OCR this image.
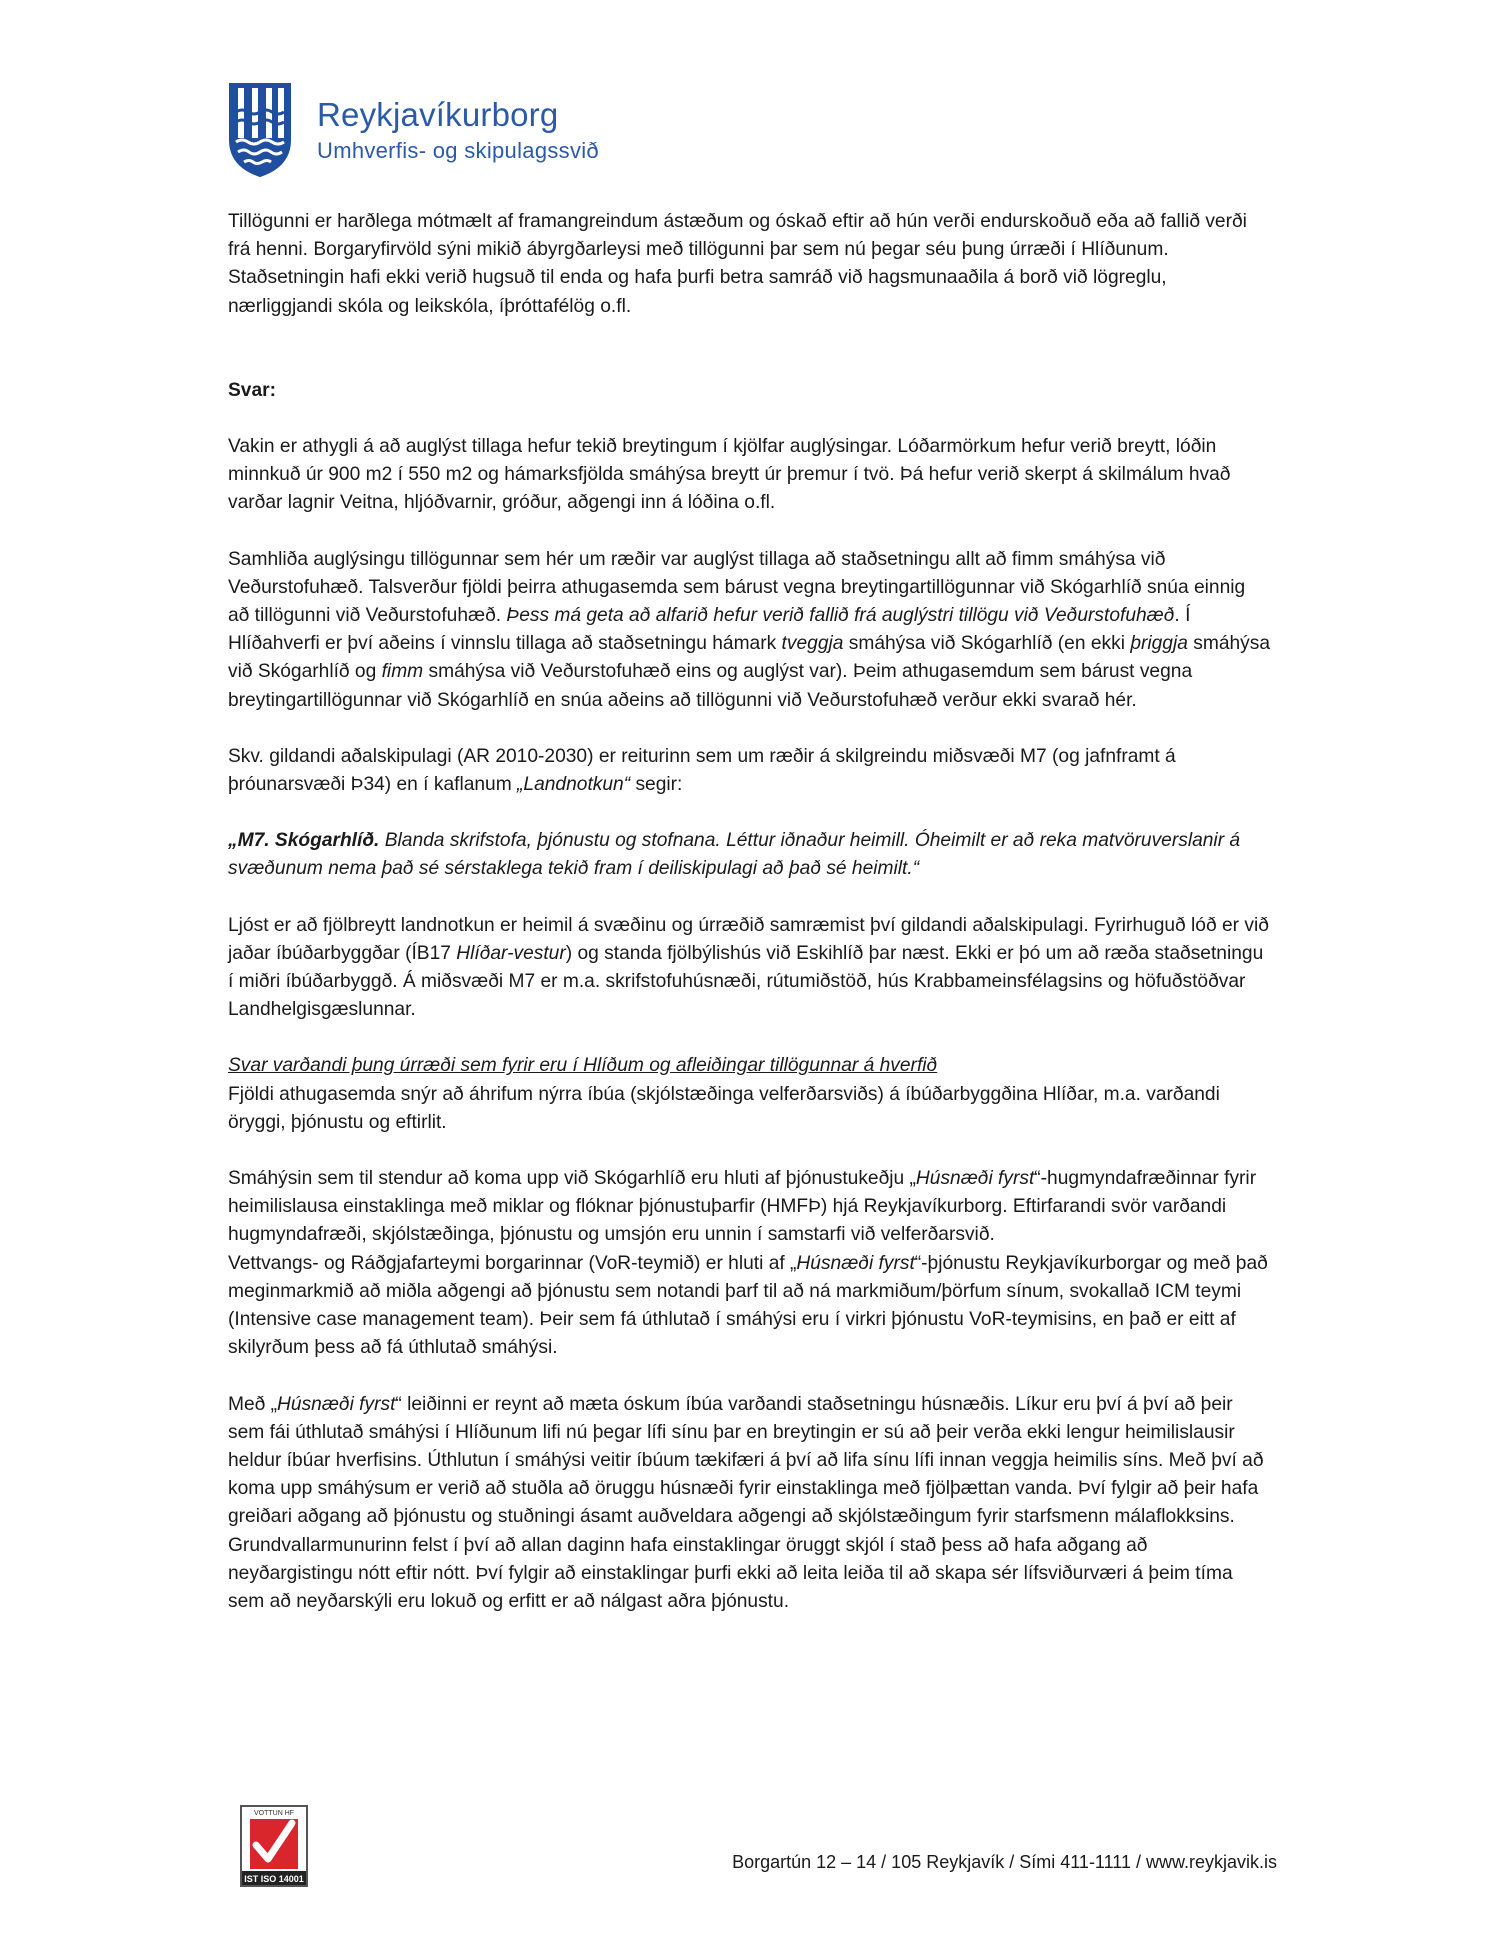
Reykjavíkurborg
Umhverfis- og skipulagssvið

Tillögunni er harðlega mótmælt af framangreindum ástæðum og óskað eftir að hún verði endurskoðuð eða að fallið verði frá henni. Borgaryfirvöld sýni mikið ábyrgðarleysi með tillögunni þar sem nú þegar séu þung úrræði í Hlíðunum. Staðsetningin hafi ekki verið hugsuð til enda og hafa þurfi betra samráð við hagsmunaaðila á borð við lögreglu, nærliggjandi skóla og leikskóla, íþróttafélög o.fl.

Svar:

Vakin er athygli á að auglýst tillaga hefur tekið breytingum í kjölfar auglýsingar. Lóðarmörkum hefur verið breytt, lóðin minnkuð úr 900 m2 í 550 m2 og hámarksfjölda smáhýsa breytt úr þremur í tvö. Þá hefur verið skerpt á skilmálum hvað varðar lagnir Veitna, hljóðvarnir, gróður, aðgengi inn á lóðina o.fl.

Samhliða auglýsingu tillögunnar sem hér um ræðir var auglýst tillaga að staðsetningu allt að fimm smáhýsa við Veðurstofuhæð. Talsverður fjöldi þeirra athugasemda sem bárust vegna breytingartillögunnar við Skógarhlíð snúa einnig að tillögunni við Veðurstofuhæð. Þess má geta að alfarið hefur verið fallið frá auglýstri tillögu við Veðurstofuhæð. Í Hlíðahverfi er því aðeins í vinnslu tillaga að staðsetningu hámark tveggja smáhýsa við Skógarhlíð (en ekki þriggja smáhýsa við Skógarhlíð og fimm smáhýsa við Veðurstofuhæð eins og auglýst var). Þeim athugasemdum sem bárust vegna breytingartillögunnar við Skógarhlíð en snúa aðeins að tillögunni við Veðurstofuhæð verður ekki svarað hér.

Skv. gildandi aðalskipulagi (AR 2010-2030) er reiturinn sem um ræðir á skilgreindu miðsvæði M7 (og jafnframt á þróunarsvæði Þ34) en í kaflanum „Landnotkun“ segir:

„M7. Skógarhlíð. Blanda skrifstofa, þjónustu og stofnana. Léttur iðnaður heimill. Óheimilt er að reka matvöruverslanir á svæðunum nema það sé sérstaklega tekið fram í deiliskipulagi að það sé heimilt.“

Ljóst er að fjölbreytt landnotkun er heimil á svæðinu og úrræðið samræmist því gildandi aðalskipulagi. Fyrirhuguð lóð er við jaðar íbúðarbyggðar (ÍB17 Hlíðar-vestur) og standa fjölbýlishús við Eskihlíð þar næst. Ekki er þó um að ræða staðsetningu í miðri íbúðarbyggð. Á miðsvæði M7 er m.a. skrifstofuhúsnæði, rútumiðstöð, hús Krabbameinsfélagsins og höfuðstöðvar Landhelgisgæslunnar.

Svar varðandi þung úrræði sem fyrir eru í Hlíðum og afleiðingar tillögunnar á hverfið
Fjöldi athugasemda snýr að áhrifum nýrra íbúa (skjólstæðinga velferðarsviðs) á íbúðarbyggðina Hlíðar, m.a. varðandi öryggi, þjónustu og eftirlit.

Smáhýsin sem til stendur að koma upp við Skógarhlíð eru hluti af þjónustukeðju „Húsnæði fyrst“-hugmyndafræðinnar fyrir heimilislausa einstaklinga með miklar og flóknar þjónustuþarfir (HMFÞ) hjá Reykjavíkurborg. Eftirfarandi svör varðandi hugmyndafræði, skjólstæðinga, þjónustu og umsjón eru unnin í samstarfi við velferðarsvið.

Vettvangs- og Ráðgjafarteymi borgarinnar (VoR-teymið) er hluti af „Húsnæði fyrst“-þjónustu Reykjavíkurborgar og með það meginmarkmið að miðla aðgengi að þjónustu sem notandi þarf til að ná markmiðum/þörfum sínum, svokallað ICM teymi (Intensive case management team). Þeir sem fá úthlutað í smáhýsi eru í virkri þjónustu VoR-teymisins, en það er eitt af skilyrðum þess að fá úthlutað smáhýsi.

Með „Húsnæði fyrst“ leiðinni er reynt að mæta óskum íbúa varðandi staðsetningu húsnæðis. Líkur eru því á því að þeir sem fái úthlutað smáhýsi í Hlíðunum lifi nú þegar lífi sínu þar en breytingin er sú að þeir verða ekki lengur heimilislausir heldur íbúar hverfisins. Úthlutun í smáhýsi veitir íbúum tækifæri á því að lifa sínu lífi innan veggja heimilis síns. Með því að koma upp smáhýsum er verið að stuðla að öruggu húsnæði fyrir einstaklinga með fjölþættan vanda. Því fylgir að þeir hafa greiðari aðgang að þjónustu og stuðningi ásamt auðveldara aðgengi að skjólstæðingum fyrir starfsmenn málaflokksins. Grundvallarmunurinn felst í því að allan daginn hafa einstaklingar öruggt skjól í stað þess að hafa aðgang að neyðargistingu nótt eftir nótt. Því fylgir að einstaklingar þurfi ekki að leita leiða til að skapa sér lífsviðurværi á þeim tíma sem að neyðarskýli eru lokuð og erfitt er að nálgast aðra þjónustu.

VOTTUN HF
IST ISO 14001
Borgartún 12 – 14 / 105 Reykjavík / Sími 411-1111 / www.reykjavik.is
